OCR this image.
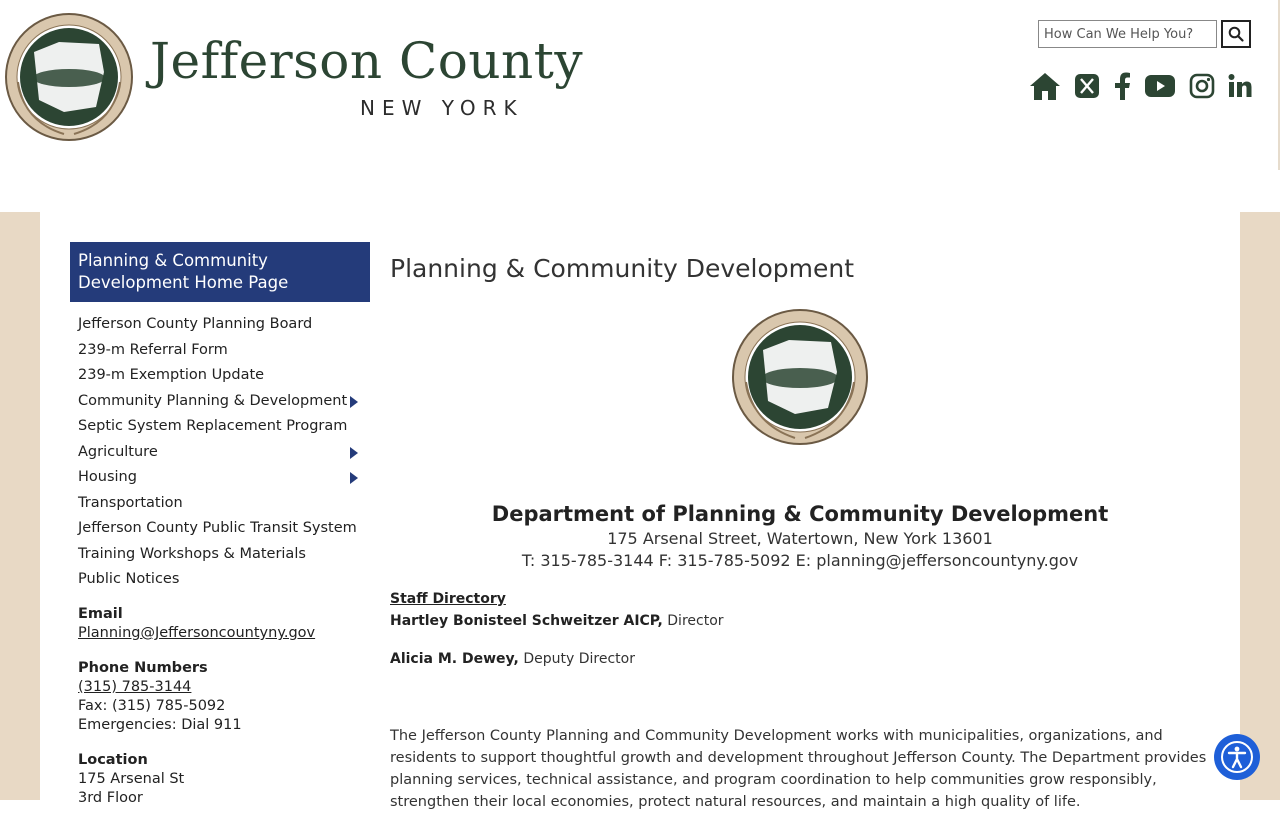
Jefferson County
NEW YORK
How Can We Help You?
Planning & Community Development Home Page
Jefferson County Planning Board
239-m Referral Form
239-m Exemption Update
Community Planning & Development
Septic System Replacement Program
Agriculture
Housing
Transportation
Jefferson County Public Transit System
Training Workshops & Materials
Public Notices
Email
Planning@Jeffersoncountyny.gov
Phone Numbers
(315) 785-3144
Fax: (315) 785-5092
Emergencies: Dial 911
Location
175 Arsenal St
3rd Floor
Planning & Community Development
Department of Planning & Community Development
175 Arsenal Street, Watertown, New York 13601
T: 315-785-3144 F: 315-785-5092 E: planning@jeffersoncountyny.gov
Staff Directory
Hartley Bonisteel Schweitzer AICP, Director
Alicia M. Dewey, Deputy Director
The Jefferson County Planning and Community Development works with municipalities, organizations, and residents to support thoughtful growth and development throughout Jefferson County. The Department provides planning services, technical assistance, and program coordination to help communities grow responsibly, strengthen their local economies, protect natural resources, and maintain a high quality of life.
